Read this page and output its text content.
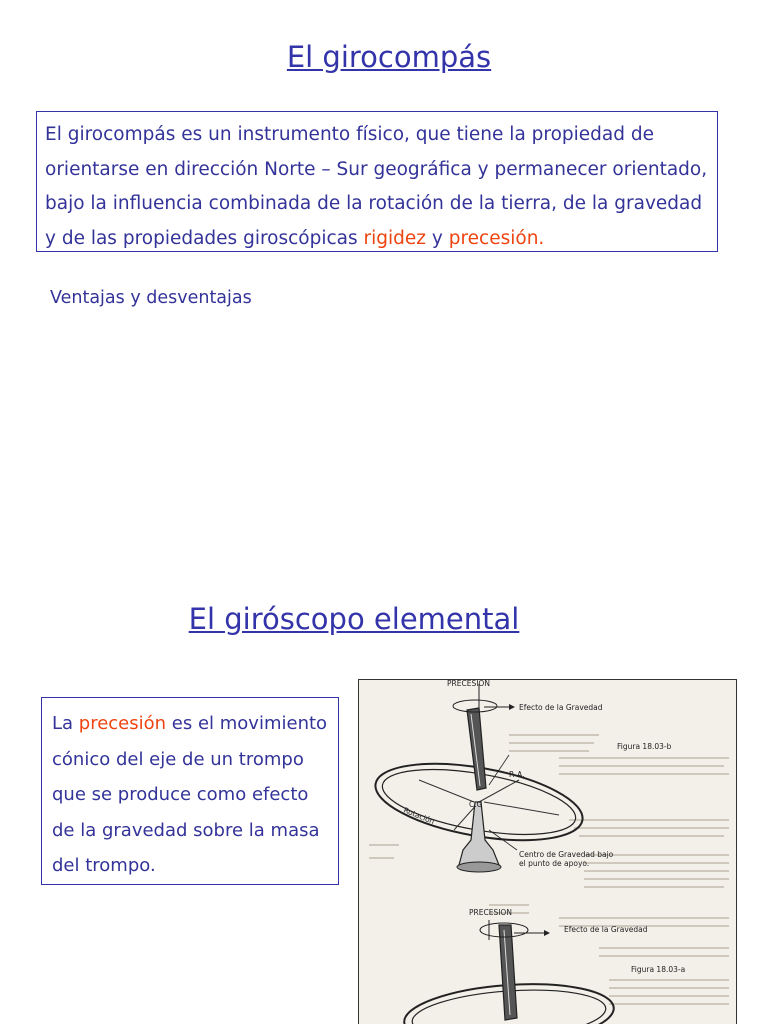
El girocompás
El girocompás es un instrumento físico, que tiene la propiedad de orientarse en dirección Norte – Sur geográfica y permanecer orientado, bajo la influencia combinada de la rotación de la tierra, de la gravedad y de las propiedades giroscópicas rigidez y precesión.
Ventajas y desventajas
El giróscopo elemental
La precesión es el movimiento cónico del eje de un trompo que se produce como efecto de la gravedad sobre la masa del trompo.
PRECESION
Efecto de la Gravedad
Figura 18.03-b
P. A.
Rotación
C.G
Centro de Gravedad bajo
el punto de apoyo.
PRECESION
Efecto de la Gravedad
Figura 18.03-a
